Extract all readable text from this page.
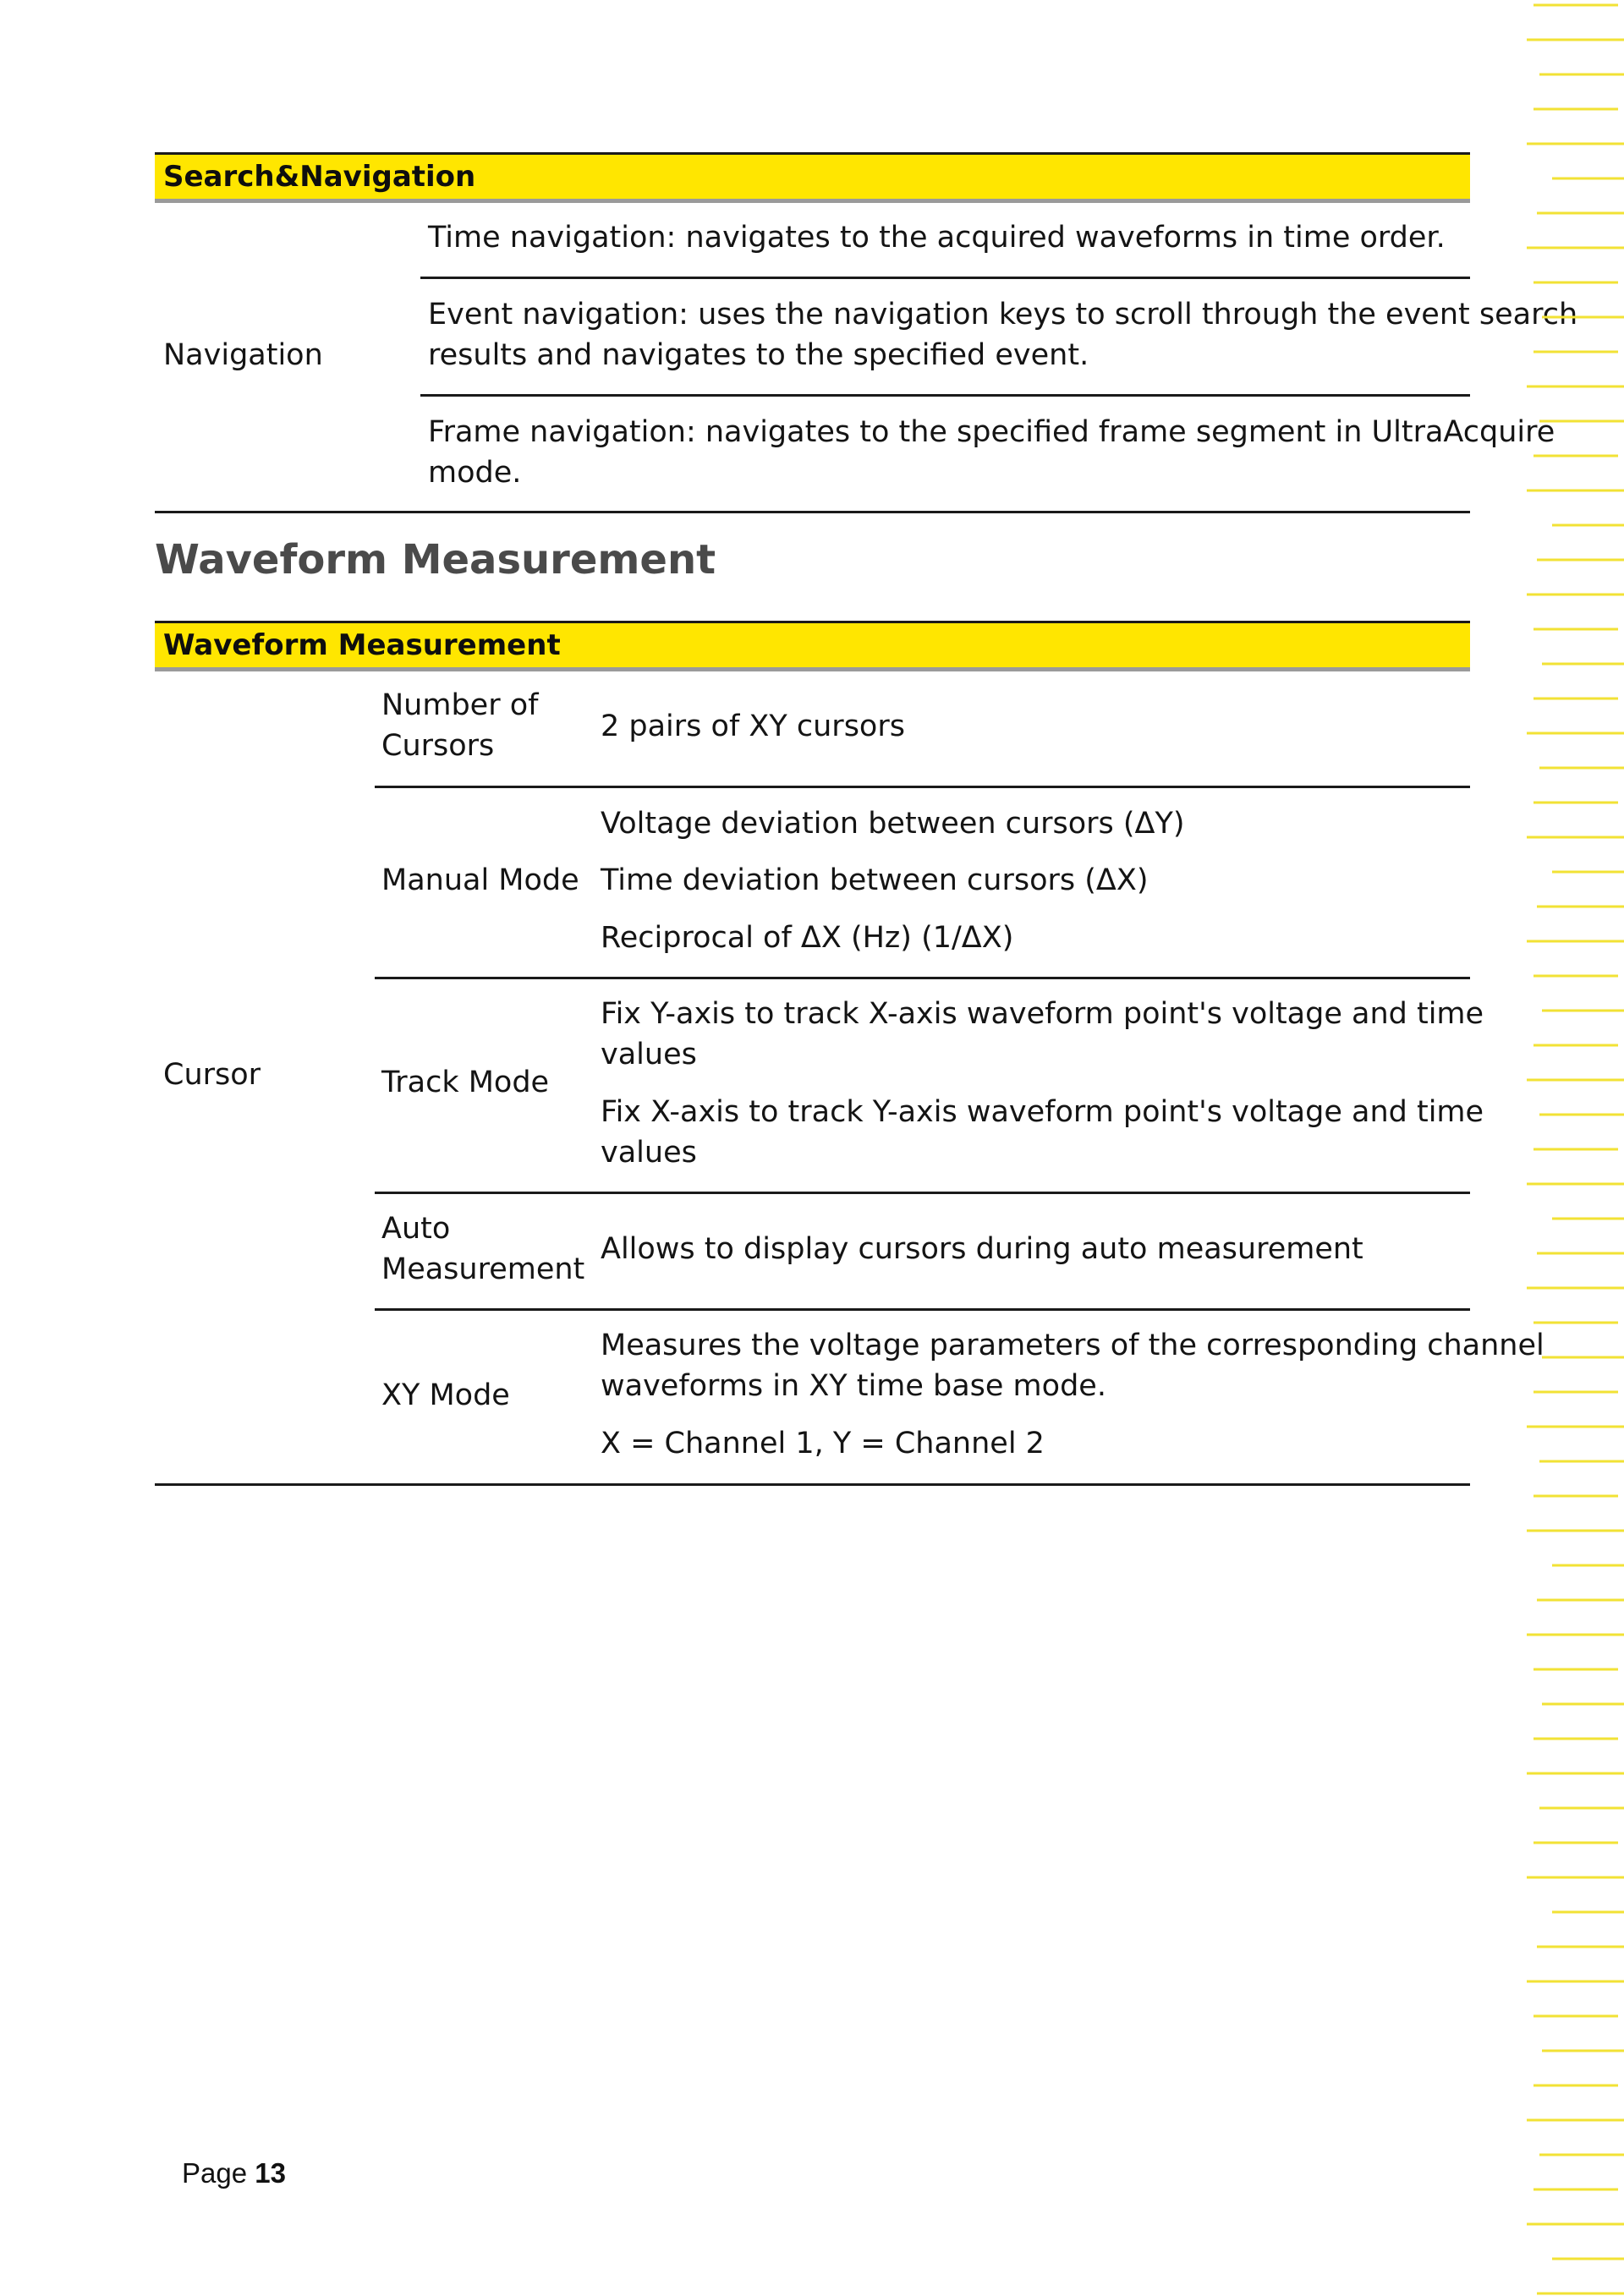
Search&Navigation
Navigation
Time navigation: navigates to the acquired waveforms in time order.
Event navigation: uses the navigation keys to scroll through the event search
results and navigates to the specified event.
Frame navigation: navigates to the specified frame segment in UltraAcquire
mode.
Waveform Measurement
Waveform Measurement
Cursor
Number of
Cursors
2 pairs of XY cursors
Manual Mode
Voltage deviation between cursors (ΔY)
Time deviation between cursors (ΔX)
Reciprocal of ΔX (Hz) (1/ΔX)
Track Mode
Fix Y-axis to track X-axis waveform point's voltage and time
values
Fix X-axis to track Y-axis waveform point's voltage and time
values
Auto
Measurement
Allows to display cursors during auto measurement
XY Mode
Measures the voltage parameters of the corresponding channel
waveforms in XY time base mode.
X = Channel 1, Y = Channel 2
Page 13
